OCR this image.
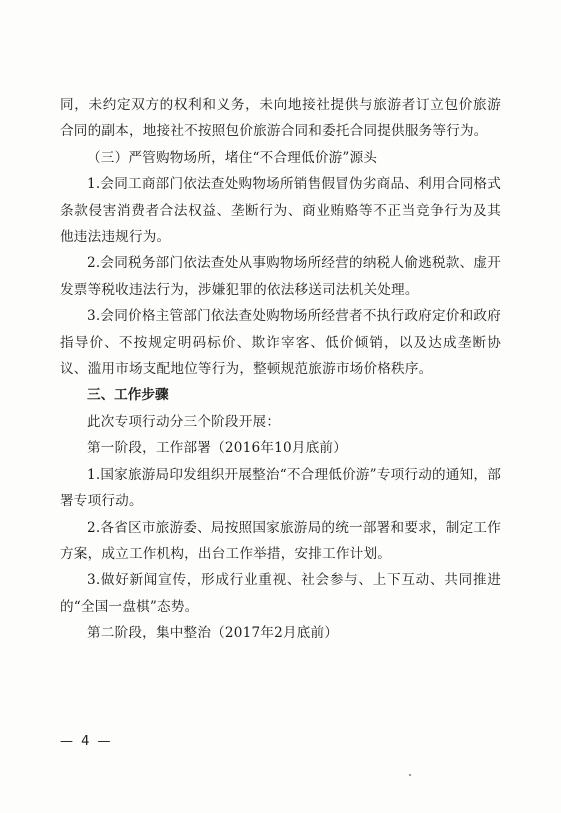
同，未约定双方的权利和义务，未向地接社提供与旅游者订立包价旅游合同的副本，地接社不按照包价旅游合同和委托合同提供服务等行为。

（三）严管购物场所，堵住“不合理低价游”源头

1.会同工商部门依法查处购物场所销售假冒伪劣商品、利用合同格式条款侵害消费者合法权益、垄断行为、商业贿赂等不正当竞争行为及其他违法违规行为。

2.会同税务部门依法查处从事购物场所经营的纳税人偷逃税款、虚开发票等税收违法行为，涉嫌犯罪的依法移送司法机关处理。

3.会同价格主管部门依法查处购物场所经营者不执行政府定价和政府指导价、不按规定明码标价、欺诈宰客、低价倾销，以及达成垄断协议、滥用市场支配地位等行为，整顿规范旅游市场价格秩序。

三、工作步骤

此次专项行动分三个阶段开展：

第一阶段，工作部署（2016年10月底前）

1.国家旅游局印发组织开展整治“不合理低价游”专项行动的通知，部署专项行动。

2.各省区市旅游委、局按照国家旅游局的统一部署和要求，制定工作方案，成立工作机构，出台工作举措，安排工作计划。

3.做好新闻宣传，形成行业重视、社会参与、上下互动、共同推进的“全国一盘棋”态势。

第二阶段，集中整治（2017年2月底前）

— 4 —
